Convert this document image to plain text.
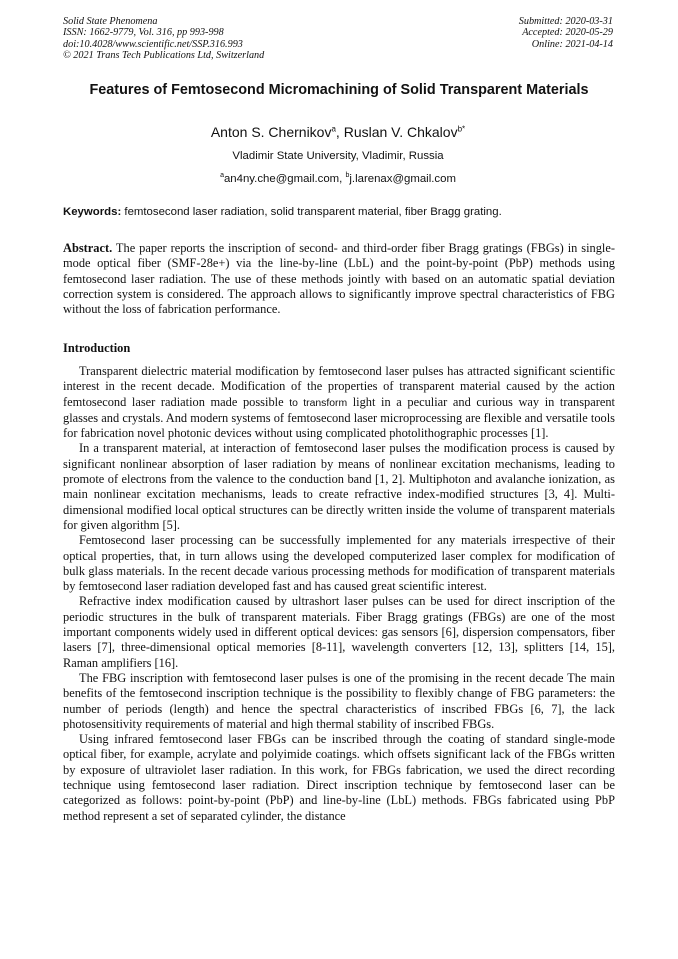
Solid State Phenomena
ISSN: 1662-9779, Vol. 316, pp 993-998
doi:10.4028/www.scientific.net/SSP.316.993
© 2021 Trans Tech Publications Ltd, Switzerland
Submitted: 2020-03-31
Accepted: 2020-05-29
Online: 2021-04-14
Features of Femtosecond Micromachining of Solid Transparent Materials
Anton S. Chernikov$^a$, Ruslan V. Chkalov$^{b*}$
Vladimir State University, Vladimir, Russia
$^a$an4ny.che@gmail.com, $^b$j.larenax@gmail.com
Keywords: femtosecond laser radiation, solid transparent material, fiber Bragg grating.
Abstract. The paper reports the inscription of second- and third-order fiber Bragg gratings (FBGs) in single-mode optical fiber (SMF-28e+) via the line-by-line (LbL) and the point-by-point (PbP) methods using femtosecond laser radiation. The use of these methods jointly with based on an automatic spatial deviation correction system is considered. The approach allows to significantly improve spectral characteristics of FBG without the loss of fabrication performance.
Introduction

Transparent dielectric material modification by femtosecond laser pulses has attracted significant scientific interest in the recent decade. Modification of the properties of transparent material caused by the action femtosecond laser radiation made possible to transform light in a peculiar and curious way in transparent glasses and crystals. And modern systems of femtosecond laser microprocessing are flexible and versatile tools for fabrication novel photonic devices without using complicated photolithographic processes [1].

In a transparent material, at interaction of femtosecond laser pulses the modification process is caused by significant nonlinear absorption of laser radiation by means of nonlinear excitation mechanisms, leading to promote of electrons from the valence to the conduction band [1, 2]. Multiphoton and avalanche ionization, as main nonlinear excitation mechanisms, leads to create refractive index-modified structures [3, 4]. Multi-dimensional modified local optical structures can be directly written inside the volume of transparent materials for given algorithm [5].

Femtosecond laser processing can be successfully implemented for any materials irrespective of their optical properties, that, in turn allows using the developed computerized laser complex for modification of bulk glass materials. In the recent decade various processing methods for modification of transparent materials by femtosecond laser radiation developed fast and has caused great scientific interest.

Refractive index modification caused by ultrashort laser pulses can be used for direct inscription of the periodic structures in the bulk of transparent materials. Fiber Bragg gratings (FBGs) are one of the most important components widely used in different optical devices: gas sensors [6], dispersion compensators, fiber lasers [7], three-dimensional optical memories [8-11], wavelength converters [12, 13], splitters [14, 15], Raman amplifiers [16].

The FBG inscription with femtosecond laser pulses is one of the promising in the recent decade The main benefits of the femtosecond inscription technique is the possibility to flexibly change of FBG parameters: the number of periods (length) and hence the spectral characteristics of inscribed FBGs [6, 7], the lack photosensitivity requirements of material and high thermal stability of inscribed FBGs.

Using infrared femtosecond laser FBGs can be inscribed through the coating of standard single-mode optical fiber, for example, acrylate and polyimide coatings. which offsets significant lack of the FBGs written by exposure of ultraviolet laser radiation. In this work, for FBGs fabrication, we used the direct recording technique using femtosecond laser radiation. Direct inscription technique by femtosecond laser can be categorized as follows: point-by-point (PbP) and line-by-line (LbL) methods. FBGs fabricated using PbP method represent a set of separated cylinder, the distance
